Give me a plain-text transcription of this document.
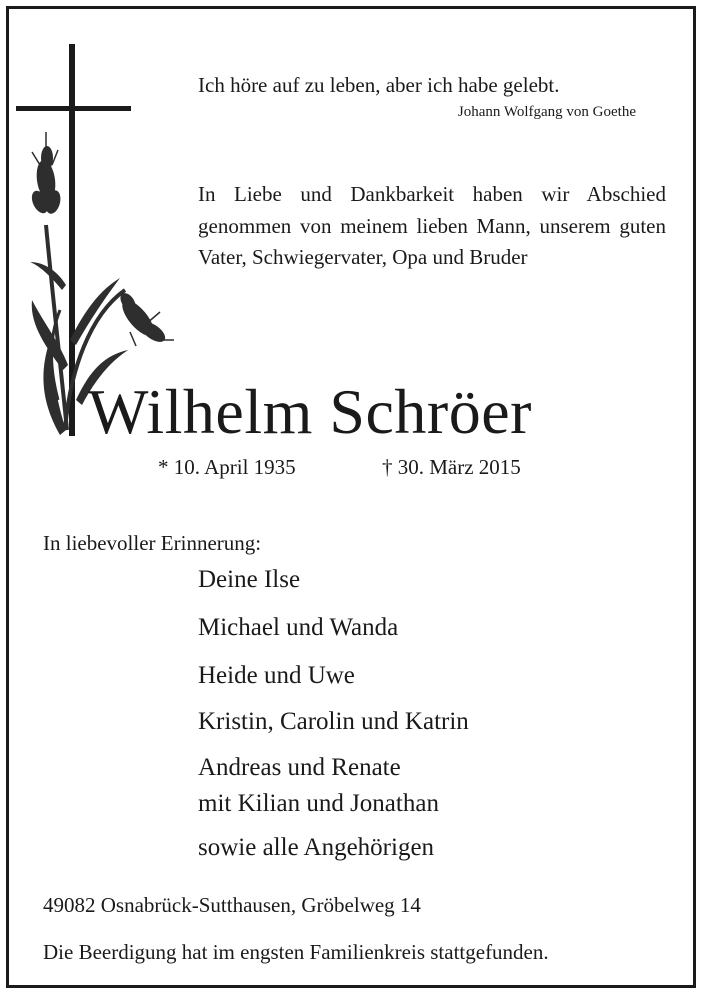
Ich höre auf zu leben, aber ich habe gelebt.
Johann Wolfgang von Goethe
In Liebe und Dankbarkeit haben wir Abschied genommen von meinem lieben Mann, unserem guten Vater, Schwiegervater, Opa und Bruder
Wilhelm Schröer
* 10. April 1935	† 30. März 2015
In liebevoller Erinnerung:
Deine Ilse
Michael und Wanda
Heide und Uwe
Kristin, Carolin und Katrin
Andreas und Renate
mit Kilian und Jonathan
sowie alle Angehörigen
49082 Osnabrück-Sutthausen, Gröbelweg 14
Die Beerdigung hat im engsten Familienkreis stattgefunden.
